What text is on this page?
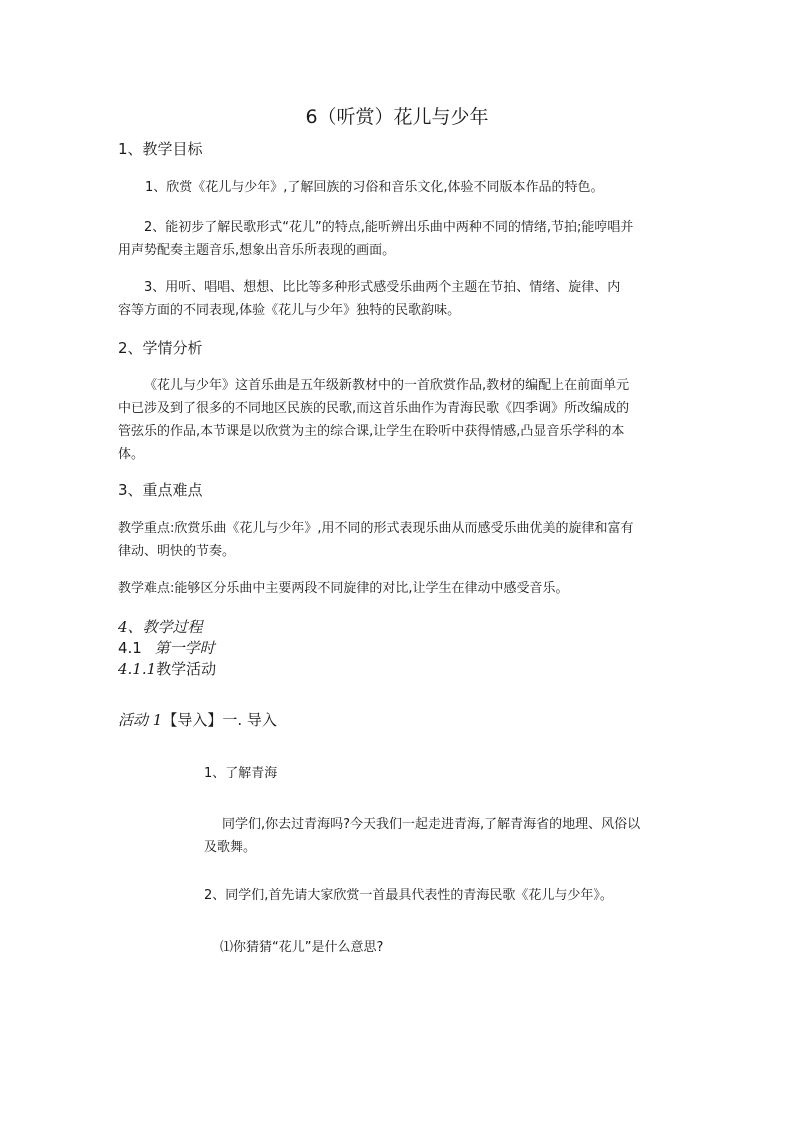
6（听赏）花儿与少年
1、教学目标
1、欣赏《花儿与少年》,了解回族的习俗和音乐文化,体验不同版本作品的特色。
2、能初步了解民歌形式“花儿”的特点,能听辨出乐曲中两种不同的情绪,节拍;能哼唱并
用声势配奏主题音乐,想象出音乐所表现的画面。
3、用听、唱唱、想想、比比等多种形式感受乐曲两个主题在节拍、情绪、旋律、内
容等方面的不同表现,体验《花儿与少年》独特的民歌韵味。
2、学情分析
《花儿与少年》这首乐曲是五年级新教材中的一首欣赏作品,教材的编配上在前面单元
中已涉及到了很多的不同地区民族的民歌,而这首乐曲作为青海民歌《四季调》所改编成的
管弦乐的作品,本节课是以欣赏为主的综合课,让学生在聆听中获得情感,凸显音乐学科的本
体。
3、重点难点
教学重点:欣赏乐曲《花儿与少年》,用不同的形式表现乐曲从而感受乐曲优美的旋律和富有
律动、明快的节奏。
教学难点:能够区分乐曲中主要两段不同旋律的对比,让学生在律动中感受音乐。
4、教学过程
4.1 第一学时
4.1.1教学活动
活动 1【导入】一. 导入
1、了解青海
同学们,你去过青海吗?今天我们一起走进青海,了解青海省的地理、风俗以
及歌舞。
2、同学们,首先请大家欣赏一首最具代表性的青海民歌《花儿与少年》。
⑴你猜猜“花儿”是什么意思?
